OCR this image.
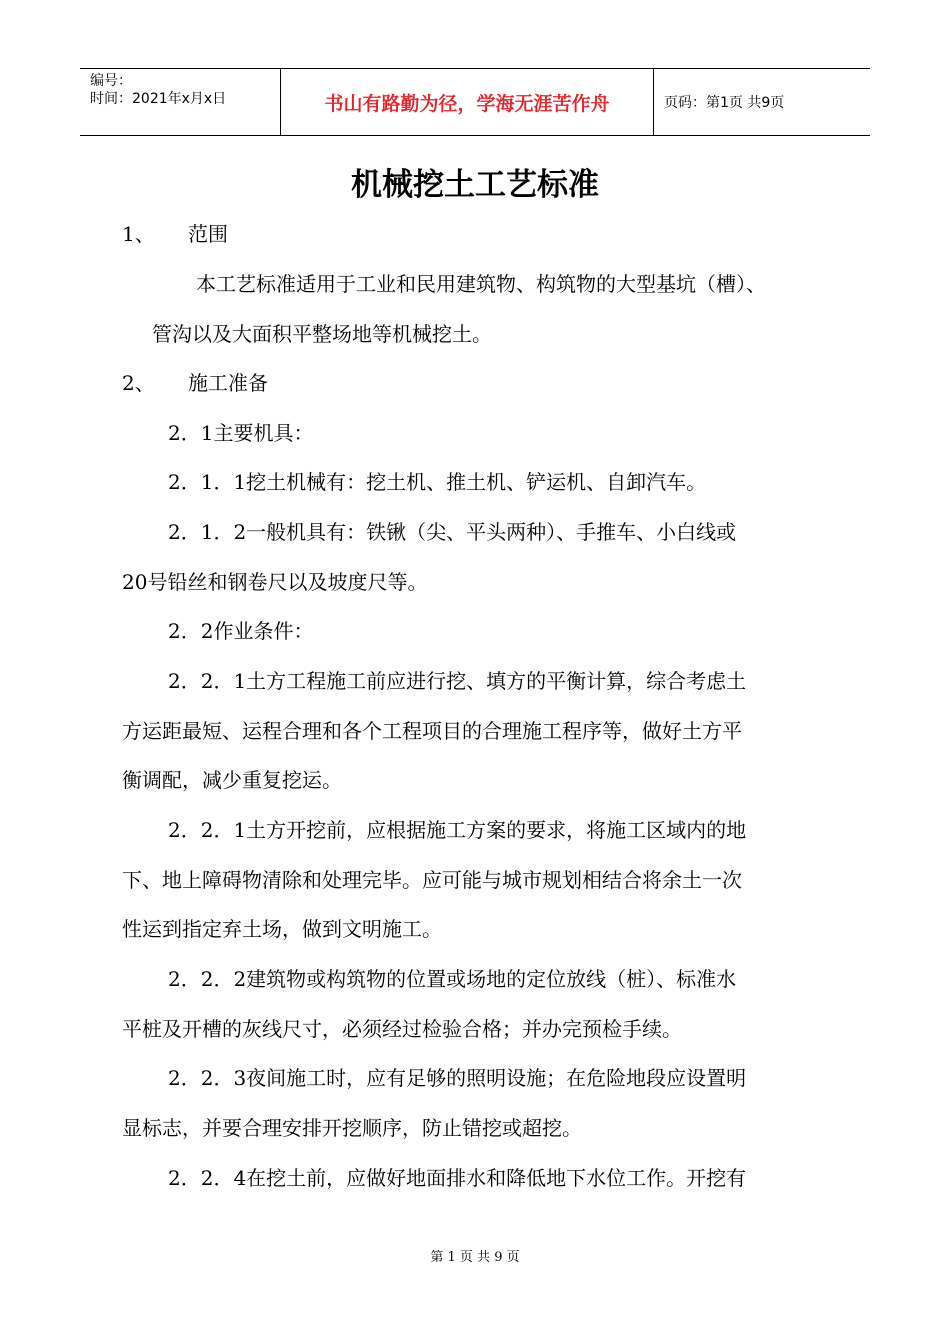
编号：
时间：2021年x月x日	书山有路勤为径，学海无涯苦作舟	页码：第1页 共9页
机械挖土工艺标准
1、 范围
本工艺标准适用于工业和民用建筑物、构筑物的大型基坑（槽）、
管沟以及大面积平整场地等机械挖土。
2、 施工准备
2．1主要机具：
2．1．1挖土机械有：挖土机、推土机、铲运机、自卸汽车。
2．1．2一般机具有：铁锹（尖、平头两种）、手推车、小白线或
20号铅丝和钢卷尺以及坡度尺等。
2．2作业条件：
2．2．1土方工程施工前应进行挖、填方的平衡计算，综合考虑土
方运距最短、运程合理和各个工程项目的合理施工程序等，做好土方平
衡调配，减少重复挖运。
2．2．1土方开挖前，应根据施工方案的要求，将施工区域内的地
下、地上障碍物清除和处理完毕。应可能与城市规划相结合将余土一次
性运到指定弃土场，做到文明施工。
2．2．2建筑物或构筑物的位置或场地的定位放线（桩）、标准水
平桩及开槽的灰线尺寸，必须经过检验合格；并办完预检手续。
2．2．3夜间施工时，应有足够的照明设施；在危险地段应设置明
显标志，并要合理安排开挖顺序，防止错挖或超挖。
2．2．4在挖土前，应做好地面排水和降低地下水位工作。开挖有
第 1 页 共 9 页
